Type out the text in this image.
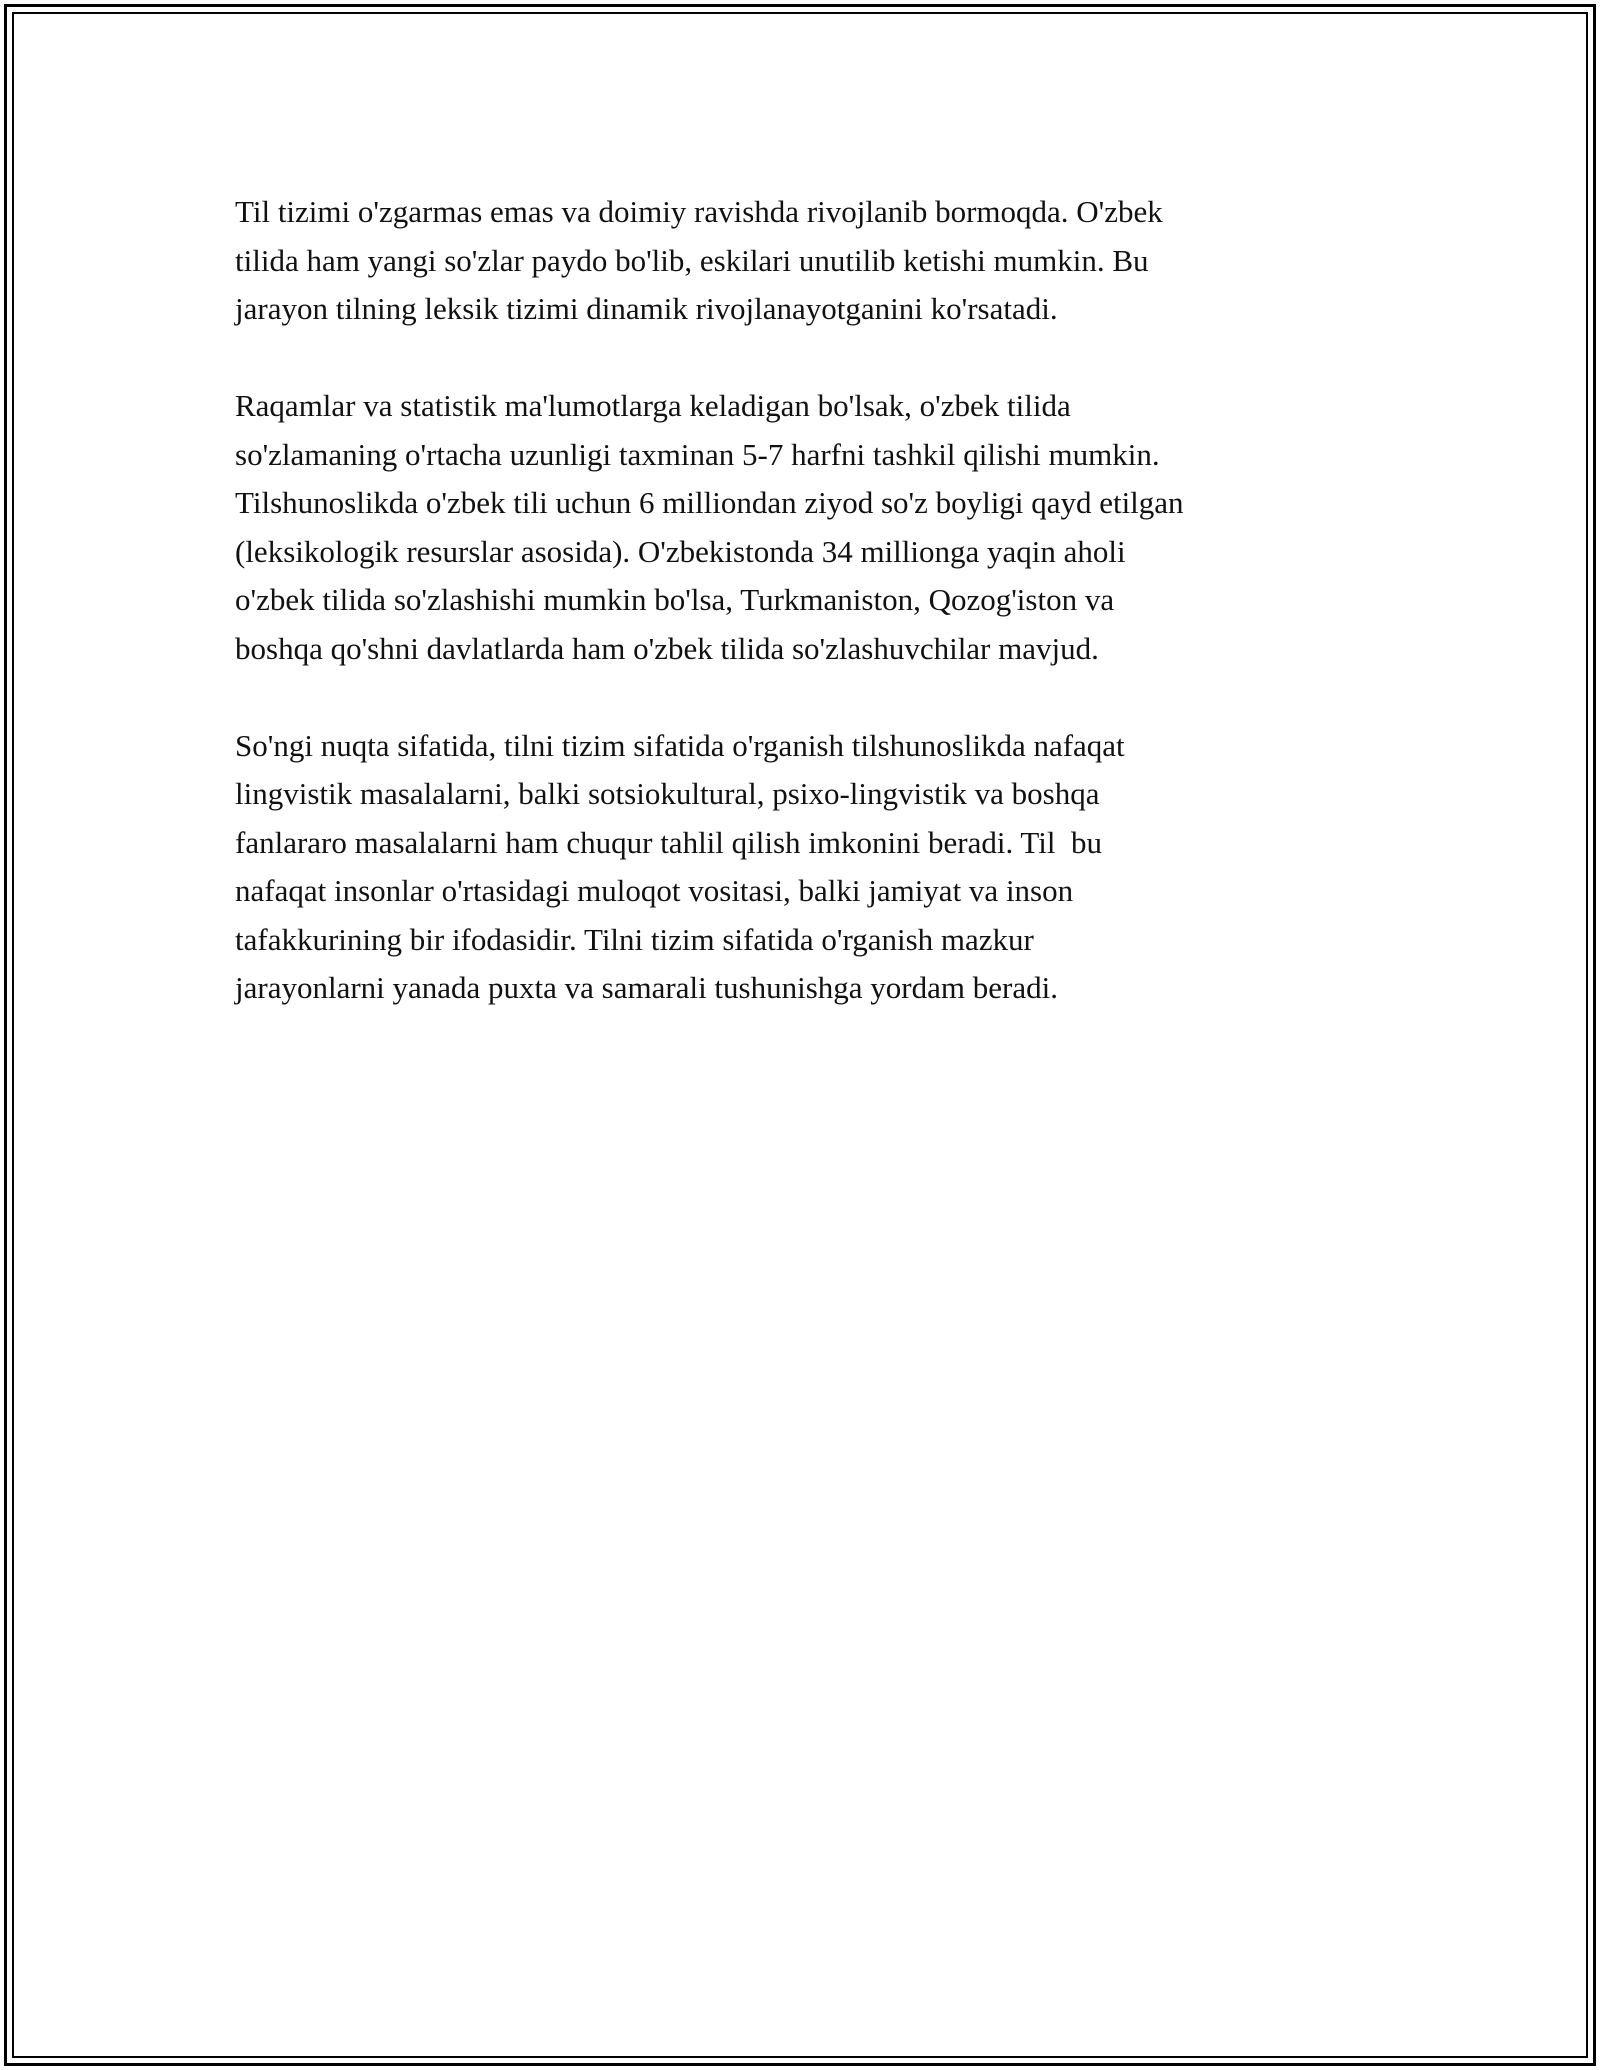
Til tizimi o'zgarmas emas va doimiy ravishda rivojlanib bormoqda. O'zbek
tilida ham yangi so'zlar paydo bo'lib, eskilari unutilib ketishi mumkin. Bu
jarayon tilning leksik tizimi dinamik rivojlanayotganini ko'rsatadi.

Raqamlar va statistik ma'lumotlarga keladigan bo'lsak, o'zbek tilida
so'zlamaning o'rtacha uzunligi taxminan 5-7 harfni tashkil qilishi mumkin.
Tilshunoslikda o'zbek tili uchun 6 milliondan ziyod so'z boyligi qayd etilgan
(leksikologik resurslar asosida). O'zbekistonda 34 millionga yaqin aholi
o'zbek tilida so'zlashishi mumkin bo'lsa, Turkmaniston, Qozog'iston va
boshqa qo'shni davlatlarda ham o'zbek tilida so'zlashuvchilar mavjud.

So'ngi nuqta sifatida, tilni tizim sifatida o'rganish tilshunoslikda nafaqat
lingvistik masalalarni, balki sotsiokultural, psixo-lingvistik va boshqa
fanlararo masalalarni ham chuqur tahlil qilish imkonini beradi. Til  bu
nafaqat insonlar o'rtasidagi muloqot vositasi, balki jamiyat va inson
tafakkurining bir ifodasidir. Tilni tizim sifatida o'rganish mazkur
jarayonlarni yanada puxta va samarali tushunishga yordam beradi.
